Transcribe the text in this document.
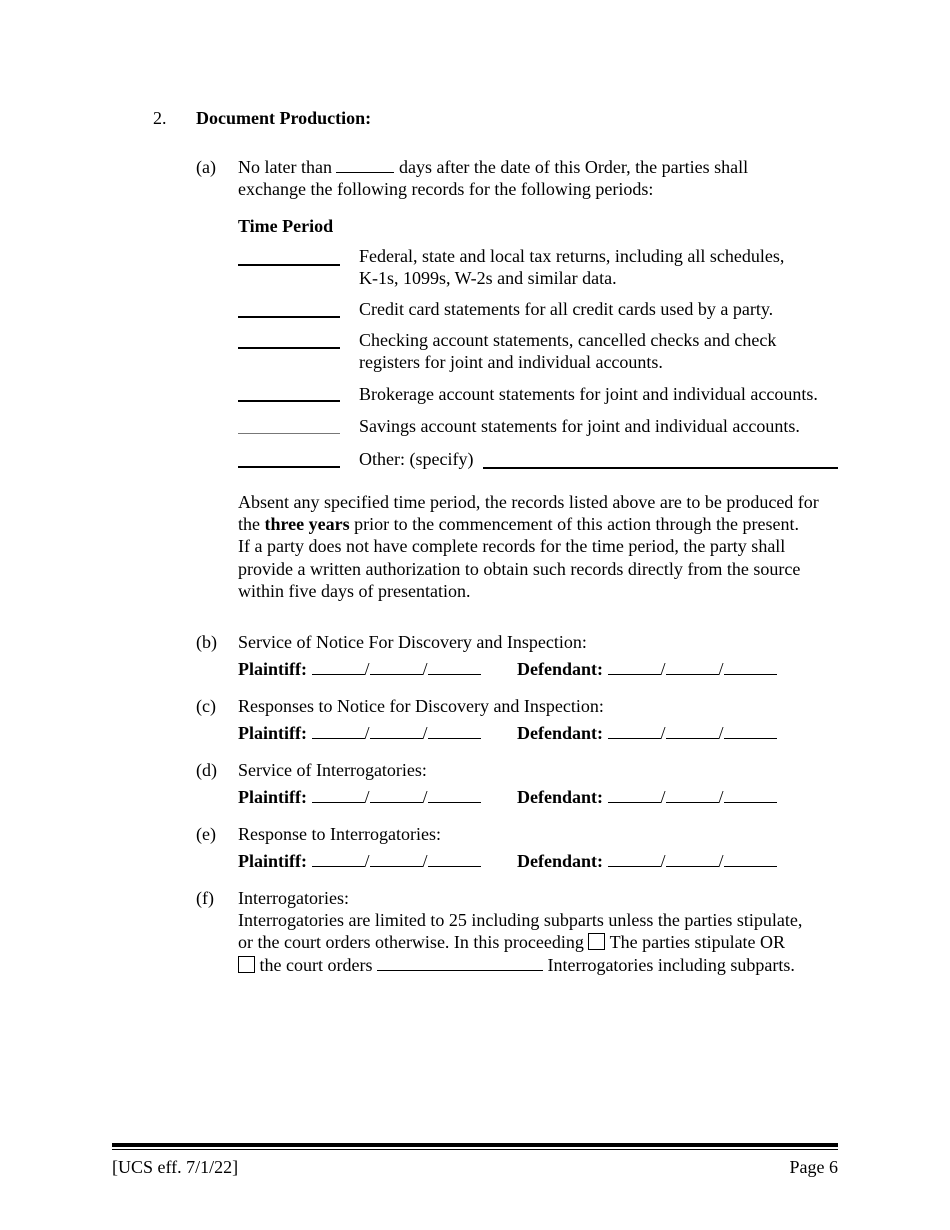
2. Document Production:
(a) No later than	days after the date of this Order, the parties shall
exchange the following records for the following periods:
Time Period
Federal, state and local tax returns, including all schedules,
K-1s, 1099s, W-2s and similar data.
Credit card statements for all credit cards used by a party.
Checking account statements, cancelled checks and check
registers for joint and individual accounts.
Brokerage account statements for joint and individual accounts.
Savings account statements for joint and individual accounts.
Other: (specify)
Absent any specified time period, the records listed above are to be produced for
the three years prior to the commencement of this action through the present.
If a party does not have complete records for the time period, the party shall
provide a written authorization to obtain such records directly from the source
within five days of presentation.
(b) Service of Notice For Discovery and Inspection:
Plaintiff:	/	/	Defendant:	/	/
(c) Responses to Notice for Discovery and Inspection:
Plaintiff:	/	/	Defendant:	/	/
(d) Service of Interrogatories:
Plaintiff:	/	/	Defendant:	/	/
(e) Response to Interrogatories:
Plaintiff:	/	/	Defendant:	/	/
(f) Interrogatories:
Interrogatories are limited to 25 including subparts unless the parties stipulate,
or the court orders otherwise. In this proceeding The parties stipulate OR
the court orders	Interrogatories including subparts.
[UCS eff. 7/1/22]	Page 6
